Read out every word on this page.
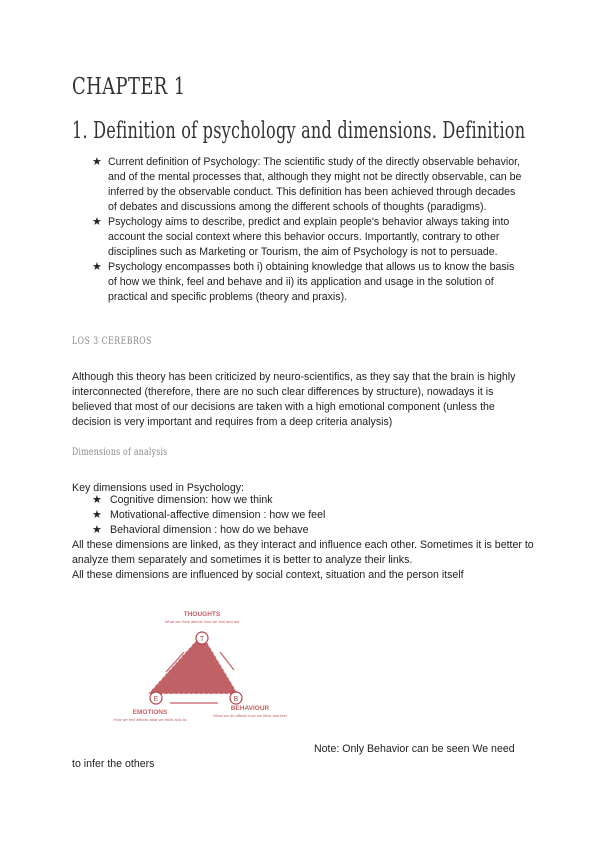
CHAPTER 1
1. Definition of psychology and dimensions. Definition

★ Current definition of Psychology: The scientific study of the directly observable behavior, and of the mental processes that, although they might not be directly observable, can be inferred by the observable conduct. This definition has been achieved through decades of debates and discussions among the different schools of thoughts (paradigms).

★ Psychology aims to describe, predict and explain people's behavior always taking into account the social context where this behavior occurs. Importantly, contrary to other disciplines such as Marketing or Tourism, the aim of Psychology is not to persuade.

★ Psychology encompasses both i) obtaining knowledge that allows us to know the basis of how we think, feel and behave and ii) its application and usage in the solution of practical and specific problems (theory and praxis).

LOS 3 CEREBROS
Although this theory has been criticized by neuro-scientifics, as they say that the brain is highly interconnected (therefore, there are no such clear differences by structure), nowadays it is believed that most of our decisions are taken with a high emotional component (unless the decision is very important and requires from a deep criteria analysis)
Dimensions of analysis
Key dimensions used in Psychology:
★ Cognitive dimension: how we think
★ Motivational-affective dimension : how we feel
★ Behavioral dimension : how do we behave
All these dimensions are linked, as they interact and influence each other. Sometimes it is better to analyze them separately and sometimes it is better to analyze their links.
All these dimensions are influenced by social context, situation and the person itself
T
E	B
THOUGHTS
What we think affects how we feel and act
EMOTIONS
How we feel affects what we think and do
BEHAVIOUR
What we do affects how we think and feel
Note: Only Behavior can be seen We need
to infer the others
